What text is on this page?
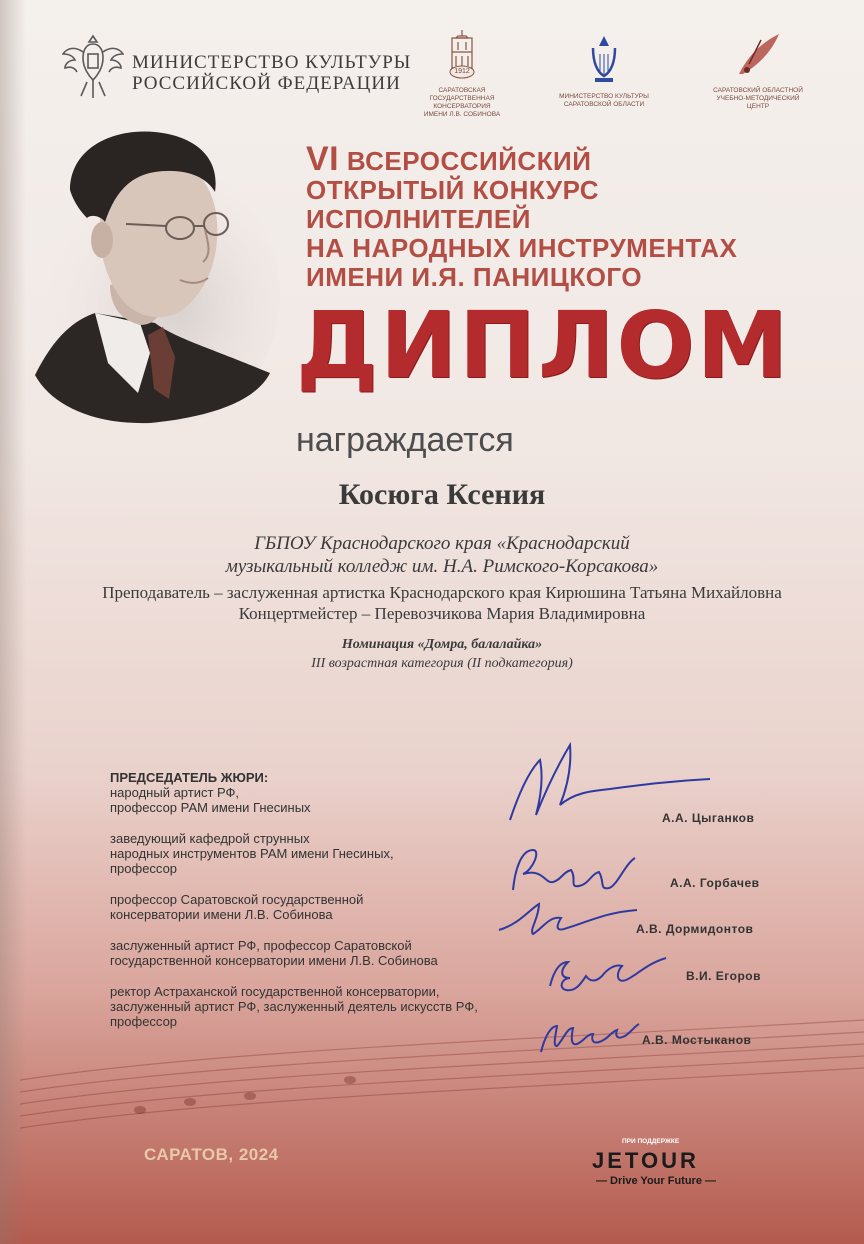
МИНИСТЕРСТВО КУЛЬТУРЫ
РОССИЙСКОЙ ФЕДЕРАЦИИ
1912
САРАТОВСКАЯ
ГОСУДАРСТВЕННАЯ
КОНСЕРВАТОРИЯ
ИМЕНИ Л.В. СОБИНОВА
МИНИСТЕРСТВО КУЛЬТУРЫ
САРАТОВСКОЙ ОБЛАСТИ
САРАТОВСКИЙ ОБЛАСТНОЙ
УЧЕБНО-МЕТОДИЧЕСКИЙ
ЦЕНТР
VI ВСЕРОССИЙСКИЙ
ОТКРЫТЫЙ КОНКУРС ИСПОЛНИТЕЛЕЙ
НА НАРОДНЫХ ИНСТРУМЕНТАХ
ИМЕНИ И.Я. ПАНИЦКОГО
ДИПЛОМ
награждается
Косюга Ксения
ГБПОУ Краснодарского края «Краснодарский
музыкальный колледж им. Н.А. Римского-Корсакова»
Преподаватель – заслуженная артистка Краснодарского края Кирюшина Татьяна Михайловна
Концертмейстер – Перевозчикова Мария Владимировна
Номинация «Домра, балалайка»
III возрастная категория (II подкатегория)
ПРЕДСЕДАТЕЛЬ ЖЮРИ:
народный артист РФ,
профессор РАМ имени Гнесиных
заведующий кафедрой струнных
народных инструментов РАМ имени Гнесиных,
профессор
профессор Саратовской государственной
консерватории имени Л.В. Собинова
заслуженный артист РФ, профессор Саратовской
государственной консерватории имени Л.В. Собинова
ректор Астраханской государственной консерватории,
заслуженный артист РФ, заслуженный деятель искусств РФ,
профессор
А.А. Цыганков
А.А. Горбачев
А.В. Дормидонтов
В.И. Егоров
А.В. Мостыканов
САРАТОВ, 2024
ПРИ ПОДДЕРЖКЕ
JETOUR
— Drive Your Future —
